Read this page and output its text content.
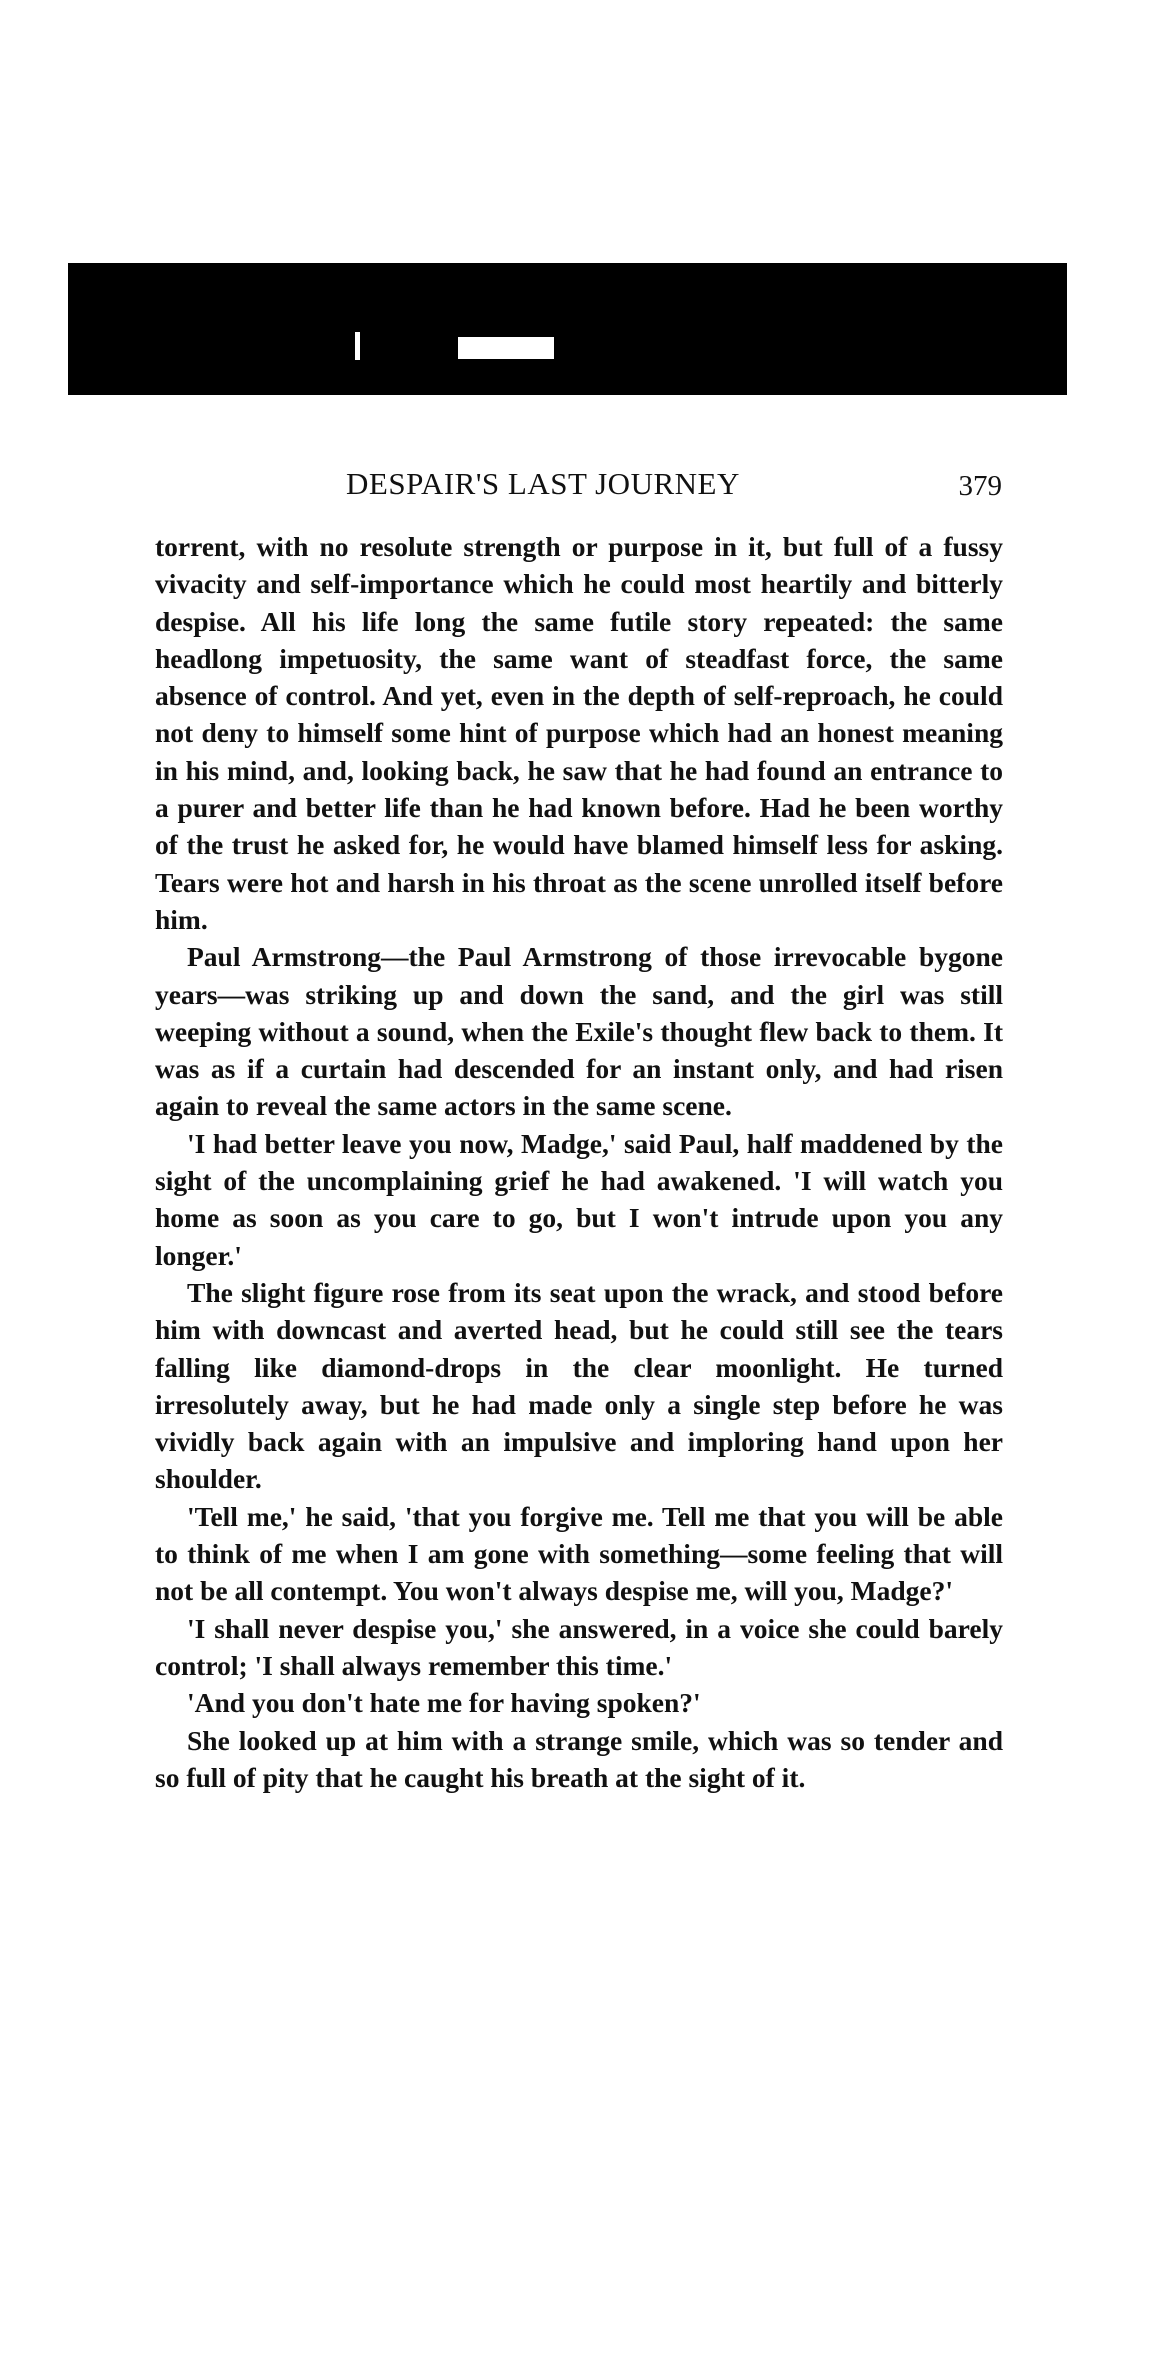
DESPAIR'S LAST JOURNEY	379

torrent, with no resolute strength or purpose in it, but full of a fussy vivacity and self-importance which he could most heartily and bitterly despise. All his life long the same futile story repeated: the same headlong impetuosity, the same want of steadfast force, the same absence of control. And yet, even in the depth of self-reproach, he could not deny to himself some hint of purpose which had an honest meaning in his mind, and, looking back, he saw that he had found an entrance to a purer and better life than he had known before. Had he been worthy of the trust he asked for, he would have blamed himself less for asking. Tears were hot and harsh in his throat as the scene unrolled itself before him.

Paul Armstrong—the Paul Armstrong of those irrevocable bygone years—was striking up and down the sand, and the girl was still weeping without a sound, when the Exile's thought flew back to them. It was as if a curtain had descended for an instant only, and had risen again to reveal the same actors in the same scene.

'I had better leave you now, Madge,' said Paul, half maddened by the sight of the uncomplaining grief he had awakened. 'I will watch you home as soon as you care to go, but I won't intrude upon you any longer.'

The slight figure rose from its seat upon the wrack, and stood before him with downcast and averted head, but he could still see the tears falling like diamond-drops in the clear moonlight. He turned irresolutely away, but he had made only a single step before he was vividly back again with an impulsive and imploring hand upon her shoulder.

'Tell me,' he said, 'that you forgive me. Tell me that you will be able to think of me when I am gone with something—some feeling that will not be all contempt. You won't always despise me, will you, Madge?'

'I shall never despise you,' she answered, in a voice she could barely control; 'I shall always remember this time.'

'And you don't hate me for having spoken?'

She looked up at him with a strange smile, which was so tender and so full of pity that he caught his breath at the sight of it.
